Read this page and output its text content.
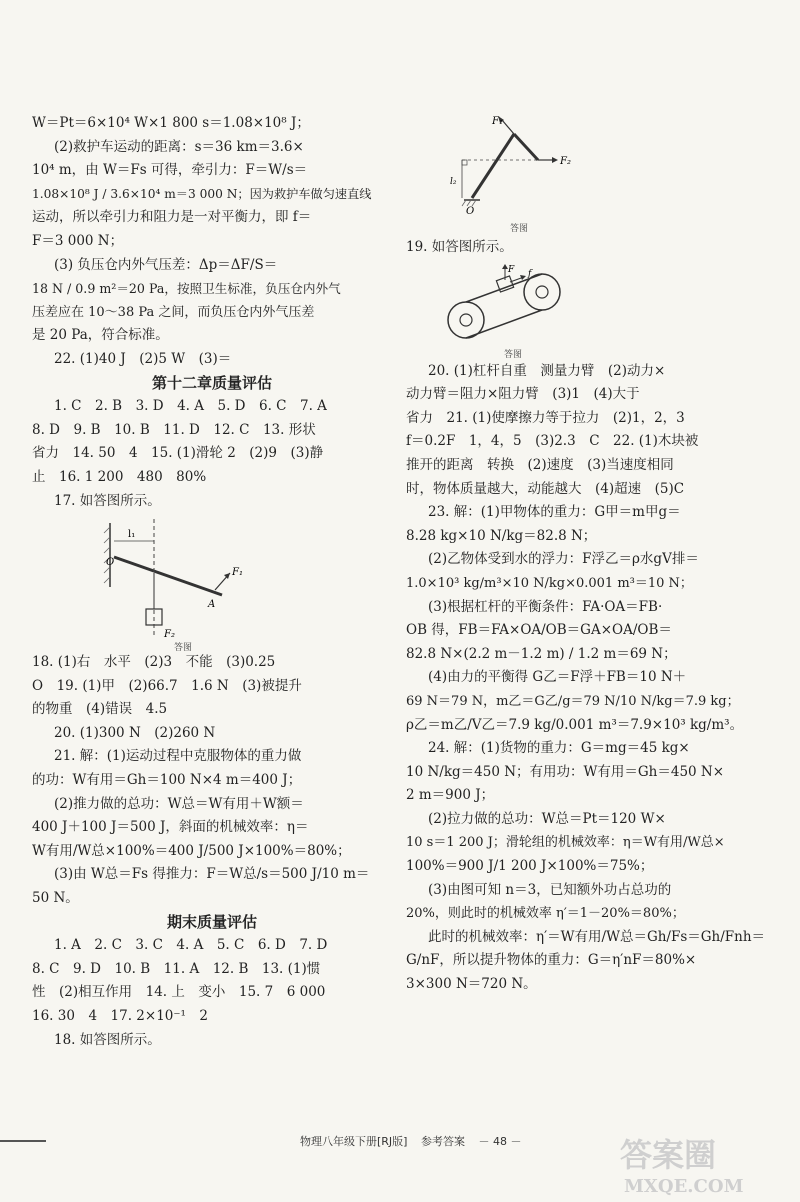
W＝Pt＝6×10⁴ W×1 800 s＝1.08×10⁸ J；
(2)救护车运动的距离：s＝36 km＝3.6×
10⁴ m，由 W＝Fs 可得，牵引力：F＝W/s＝
1.08×10⁸ J / 3.6×10⁴ m＝3 000 N；因为救护车做匀速直线
运动，所以牵引力和阻力是一对平衡力，即 f＝
F＝3 000 N；
(3) 负压仓内外气压差：Δp＝ΔF/S＝
18 N / 0.9 m²＝20 Pa，按照卫生标准，负压仓内外气
压差应在 10～38 Pa 之间，而负压仓内外气压差
是 20 Pa，符合标准。
22. (1)40 J　(2)5 W　(3)＝
第十二章质量评估
1. C　2. B　3. D　4. A　5. D　6. C　7. A
8. D　9. B　10. B　11. D　12. C　13. 形状
省力　14. 50　4　15. (1)滑轮 2　(2)9　(3)静
止　16. 1 200　480　80%
17. 如答图所示。
l₁
O
F₁
A
F₂
答图
18. (1)右　水平　(2)3　不能　(3)0.25
O　19. (1)甲　(2)66.7　1.6 N　(3)被提升
的物重　(4)错误　4.5
20. (1)300 N　(2)260 N
21. 解：(1)运动过程中克服物体的重力做
的功：W有用＝Gh＝100 N×4 m＝400 J；
(2)推力做的总功：W总＝W有用＋W额＝
400 J＋100 J＝500 J，斜面的机械效率：η＝
W有用/W总×100%＝400 J/500 J×100%＝80%；
(3)由 W总＝Fs 得推力：F＝W总/s＝500 J/10 m＝
50 N。
期末质量评估
1. A　2. C　3. C　4. A　5. C　6. D　7. D
8. C　9. D　10. B　11. A　12. B　13. (1)惯
性　(2)相互作用　14. 上　变小　15. 7　6 000
16. 30　4　17. 2×10⁻¹　2
18. 如答图所示。
F₁
F₂
l₂
O
答图
19. 如答图所示。
F f
答图
20. (1)杠杆自重　测量力臂　(2)动力×
动力臂＝阻力×阻力臂　(3)1　(4)大于
省力　21. (1)使摩擦力等于拉力　(2)1，2，3
f＝0.2F　1，4，5　(3)2.3　C　22. (1)木块被
推开的距离　转换　(2)速度　(3)当速度相同
时，物体质量越大，动能越大　(4)超速　(5)C
23. 解：(1)甲物体的重力：G甲＝m甲g＝
8.28 kg×10 N/kg＝82.8 N；
(2)乙物体受到水的浮力：F浮乙＝ρ水gV排＝
1.0×10³ kg/m³×10 N/kg×0.001 m³＝10 N；
(3)根据杠杆的平衡条件：FA·OA＝FB·
OB 得，FB＝FA×OA/OB＝GA×OA/OB＝
82.8 N×(2.2 m－1.2 m) / 1.2 m＝69 N；
(4)由力的平衡得 G乙＝F浮＋FB＝10 N＋
69 N＝79 N，m乙＝G乙/g＝79 N/10 N/kg＝7.9 kg；
ρ乙＝m乙/V乙＝7.9 kg/0.001 m³＝7.9×10³ kg/m³。
24. 解：(1)货物的重力：G＝mg＝45 kg×
10 N/kg＝450 N；有用功：W有用＝Gh＝450 N×
2 m＝900 J；
(2)拉力做的总功：W总＝Pt＝120 W×
10 s＝1 200 J；滑轮组的机械效率：η＝W有用/W总×
100%＝900 J/1 200 J×100%＝75%；
(3)由图可知 n＝3，已知额外功占总功的
20%，则此时的机械效率 η′＝1－20%＝80%；
此时的机械效率：η′＝W有用/W总＝Gh/Fs＝Gh/Fnh＝
G/nF，所以提升物体的重力：G＝η′nF＝80%×
3×300 N＝720 N。
物理八年级下册[RJ版] 参考答案 － 48 －	答案圈
MXQE.COM
